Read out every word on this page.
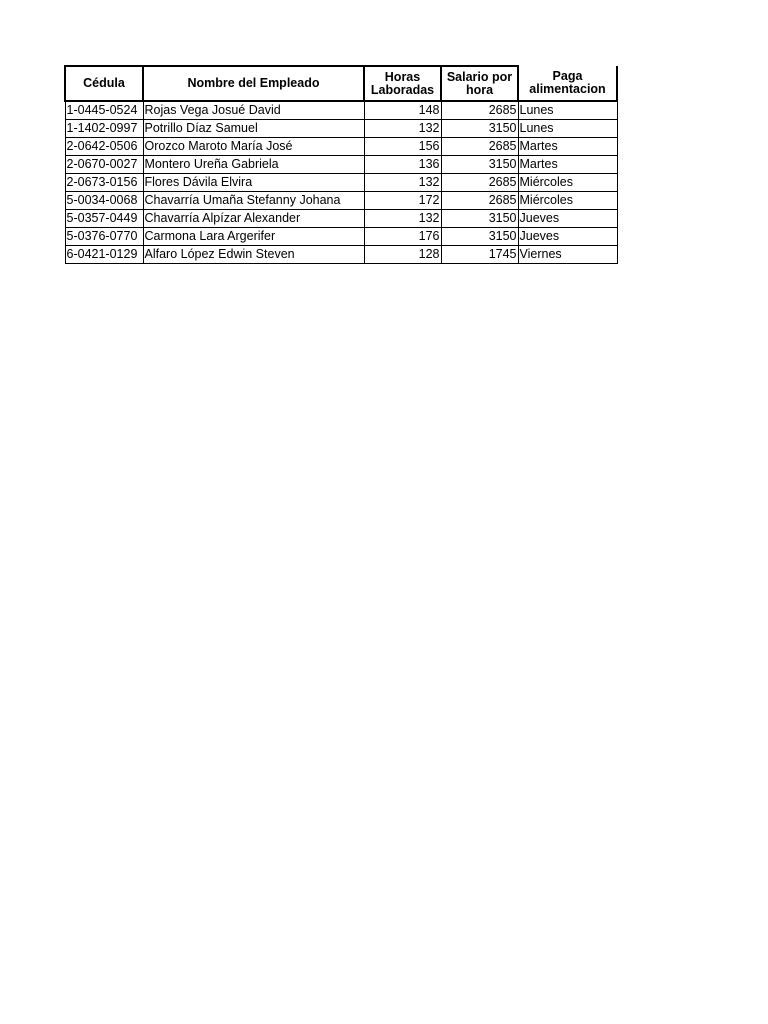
Cédula	Nombre del Empleado	Horas Laboradas	Salario por hora	Paga alimentacion
1-0445-0524	Rojas Vega Josué David	148	2685	Lunes
1-1402-0997	Potrillo Díaz Samuel	132	3150	Lunes
2-0642-0506	Orozco Maroto María José	156	2685	Martes
2-0670-0027	Montero Ureña Gabriela	136	3150	Martes
2-0673-0156	Flores Dávila Elvira	132	2685	Miércoles
5-0034-0068	Chavarría Umaña Stefanny Johana	172	2685	Miércoles
5-0357-0449	Chavarría Alpízar Alexander	132	3150	Jueves
5-0376-0770	Carmona Lara Argerifer	176	3150	Jueves
6-0421-0129	Alfaro López Edwin Steven	128	1745	Viernes
